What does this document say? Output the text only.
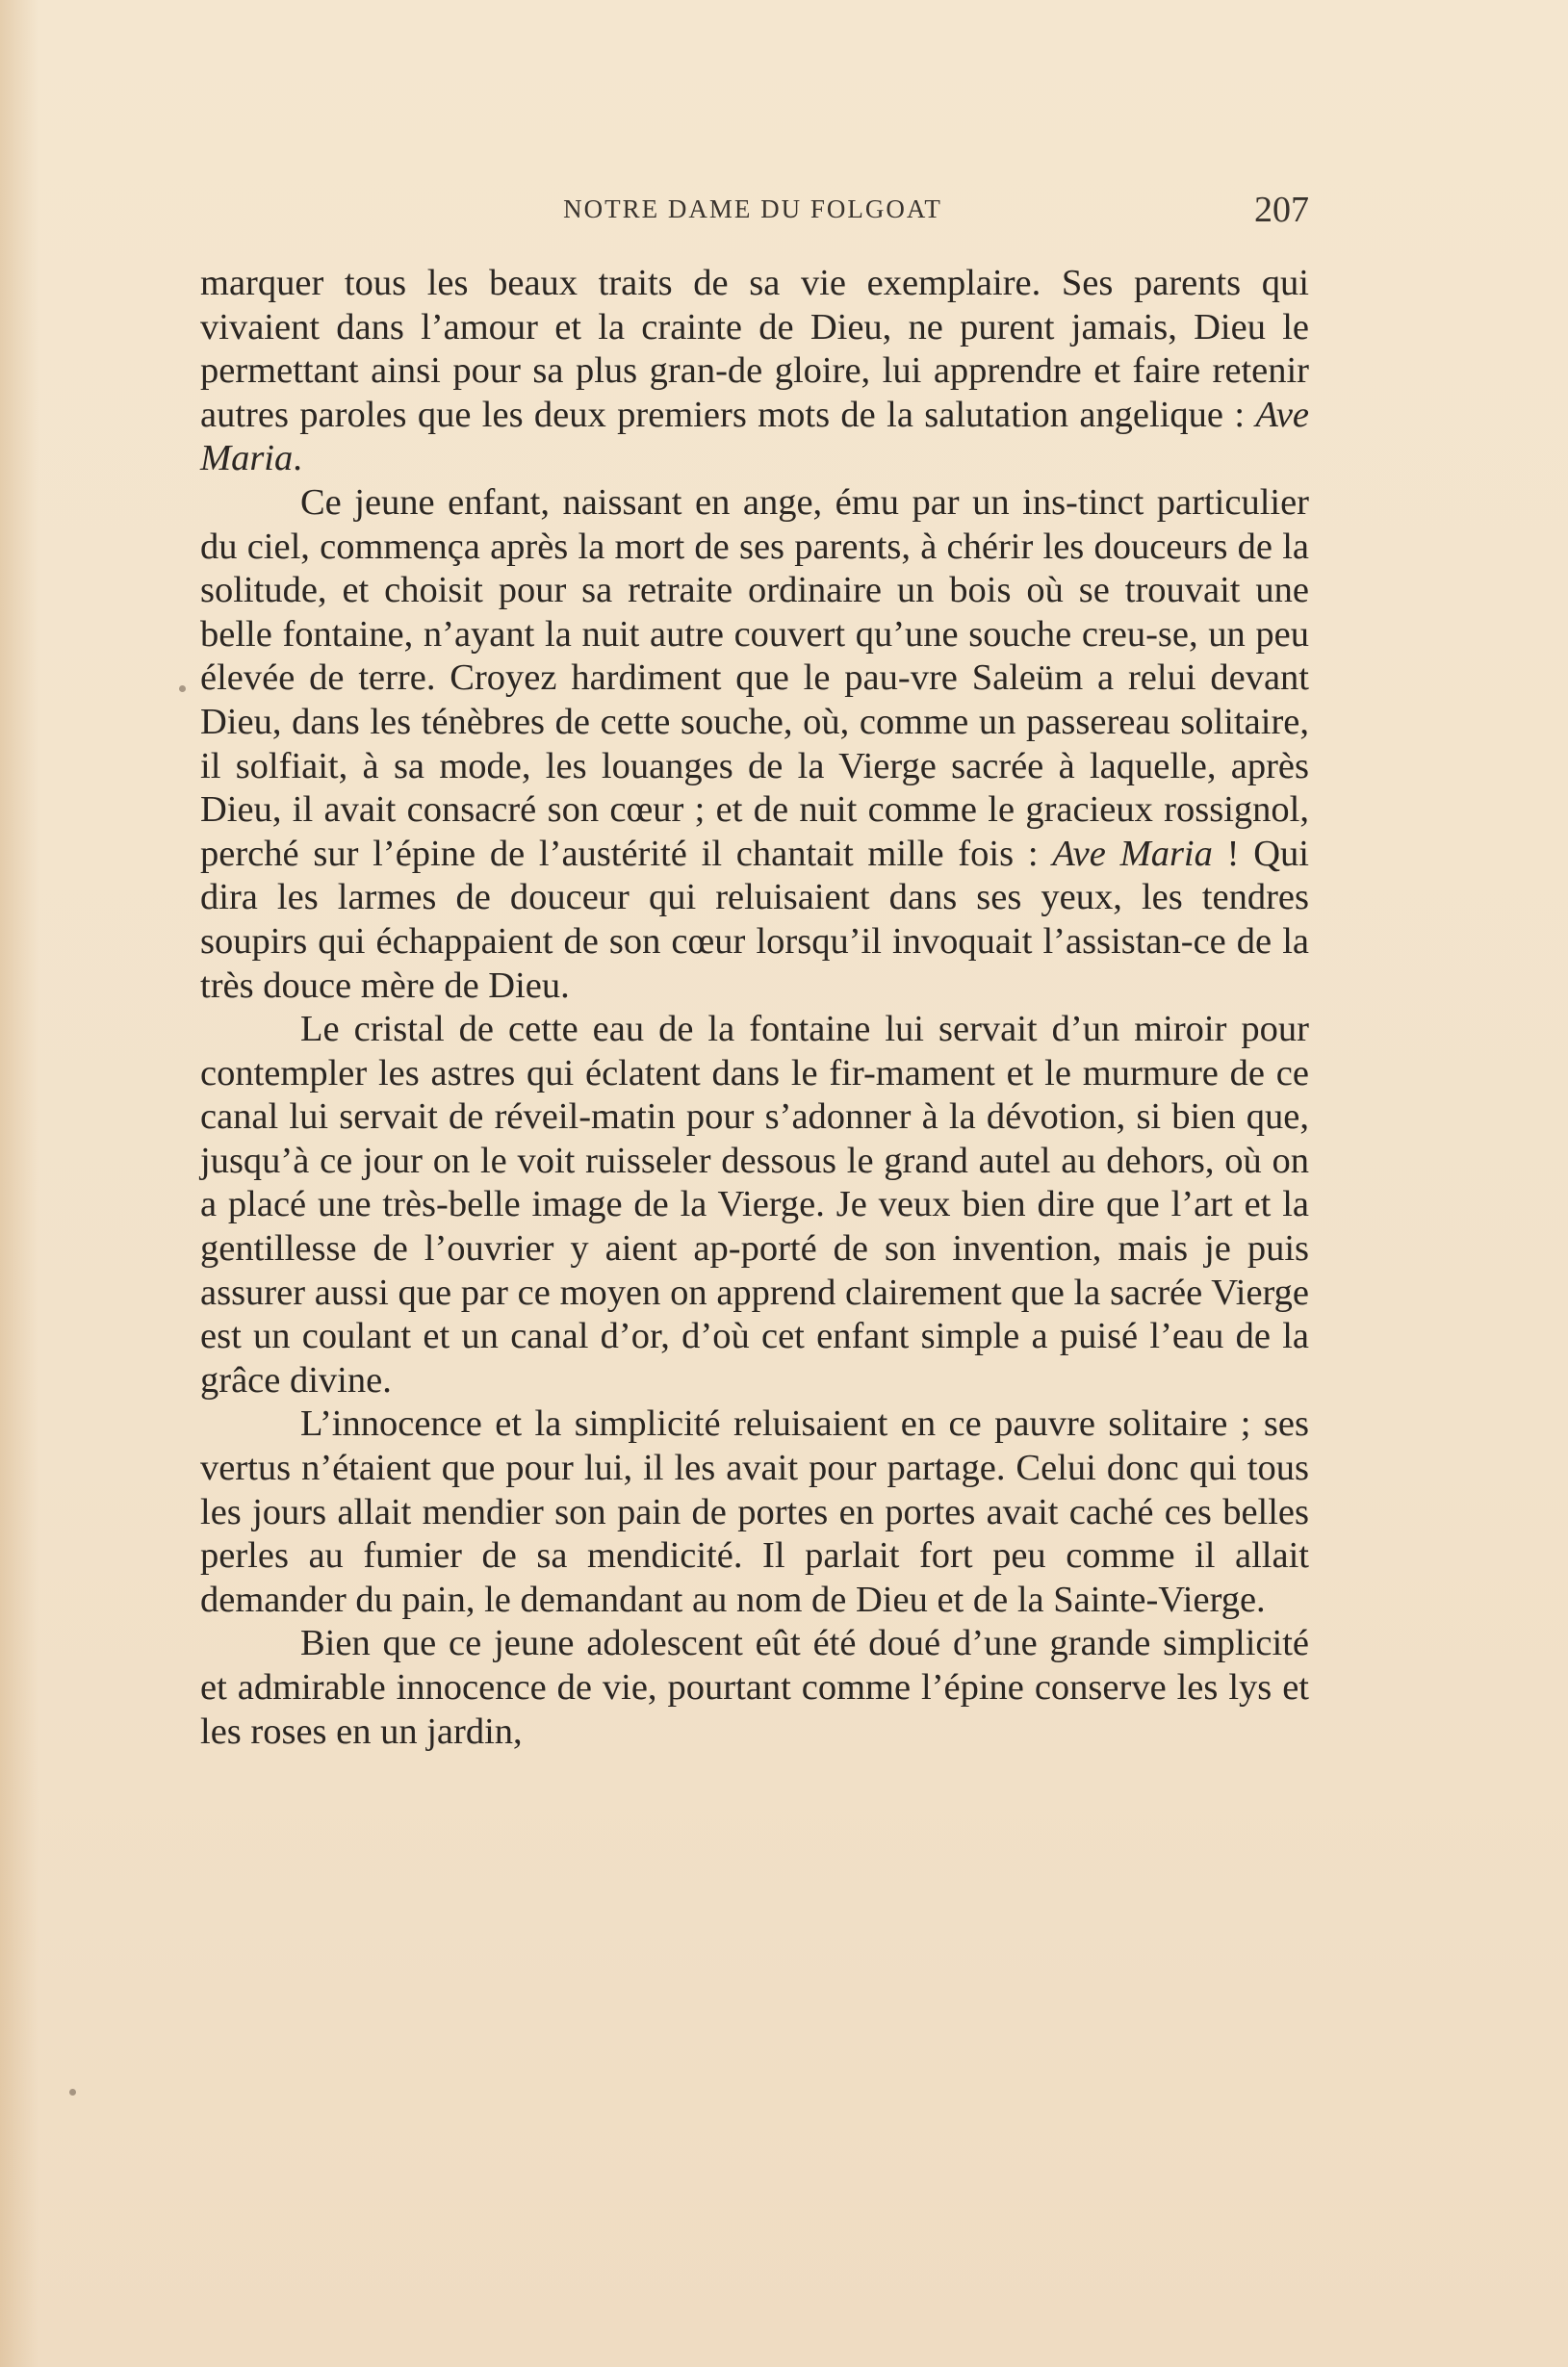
NOTRE DAME DU FOLGOAT	207

marquer tous les beaux traits de sa vie exemplaire. Ses parents qui vivaient dans l’amour et la crainte de Dieu, ne purent jamais, Dieu le permettant ainsi pour sa plus gran-de gloire, lui apprendre et faire retenir autres paroles que les deux premiers mots de la salutation angelique : Ave Maria.

Ce jeune enfant, naissant en ange, ému par un ins-tinct particulier du ciel, commença après la mort de ses parents, à chérir les douceurs de la solitude, et choisit pour sa retraite ordinaire un bois où se trouvait une belle fontaine, n’ayant la nuit autre couvert qu’une souche creu-se, un peu élevée de terre. Croyez hardiment que le pau-vre Saleüm a relui devant Dieu, dans les ténèbres de cette souche, où, comme un passereau solitaire, il solfiait, à sa mode, les louanges de la Vierge sacrée à laquelle, après Dieu, il avait consacré son cœur ; et de nuit comme le gracieux rossignol, perché sur l’épine de l’austérité il chantait mille fois : Ave Maria ! Qui dira les larmes de douceur qui reluisaient dans ses yeux, les tendres soupirs qui échappaient de son cœur lorsqu’il invoquait l’assistan-ce de la très douce mère de Dieu.

Le cristal de cette eau de la fontaine lui servait d’un miroir pour contempler les astres qui éclatent dans le fir-mament et le murmure de ce canal lui servait de réveil-matin pour s’adonner à la dévotion, si bien que, jusqu’à ce jour on le voit ruisseler dessous le grand autel au dehors, où on a placé une très-belle image de la Vierge. Je veux bien dire que l’art et la gentillesse de l’ouvrier y aient ap-porté de son invention, mais je puis assurer aussi que par ce moyen on apprend clairement que la sacrée Vierge est un coulant et un canal d’or, d’où cet enfant simple a puisé l’eau de la grâce divine.

L’innocence et la simplicité reluisaient en ce pauvre solitaire ; ses vertus n’étaient que pour lui, il les avait pour partage. Celui donc qui tous les jours allait mendier son pain de portes en portes avait caché ces belles perles au fumier de sa mendicité. Il parlait fort peu comme il allait demander du pain, le demandant au nom de Dieu et de la Sainte-Vierge.

Bien que ce jeune adolescent eût été doué d’une grande simplicité et admirable innocence de vie, pourtant comme l’épine conserve les lys et les roses en un jardin,
